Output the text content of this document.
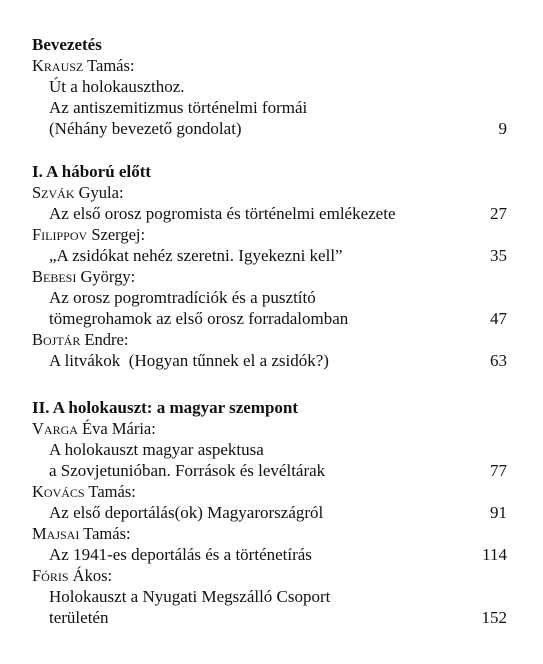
Bevezetés
Krausz Tamás:
Út a holokauszthoz.
Az antiszemitizmus történelmi formái
(Néhány bevezető gondolat)	9
I. A háború előtt
Szvák Gyula:
Az első orosz pogromista és történelmi emlékezete	27
Filippov Szergej:
„A zsidókat nehéz szeretni. Igyekezni kell”	35
Bebesi György:
Az orosz pogromtradíciók és a pusztító
tömegrohamok az első orosz forradalomban	47
Bojtár Endre:
A litvákok  (Hogyan tűnnek el a zsidók?)	63
II. A holokauszt: a magyar szempont
Varga Éva Mária:
A holokauszt magyar aspektusa
a Szovjetunióban. Források és levéltárak	77
Kovács Tamás:
Az első deportálás(ok) Magyarországról	91
Majsai Tamás:
Az 1941-es deportálás és a történetírás	114
Fóris Ákos:
Holokauszt a Nyugati Megszálló Csoport
területén	152
